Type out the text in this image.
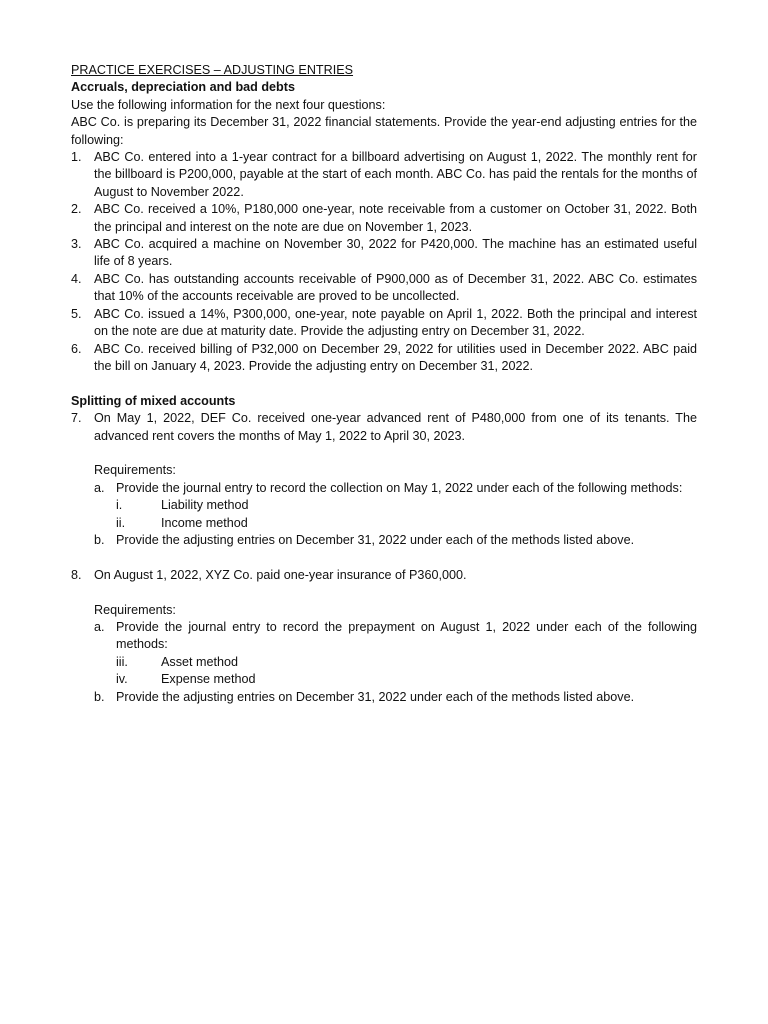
PRACTICE EXERCISES – ADJUSTING ENTRIES

Accruals, depreciation and bad debts

Use the following information for the next four questions:

ABC Co. is preparing its December 31, 2022 financial statements. Provide the year-end adjusting entries for the following:

1. ABC Co. entered into a 1-year contract for a billboard advertising on August 1, 2022. The monthly rent for the billboard is P200,000, payable at the start of each month. ABC Co. has paid the rentals for the months of August to November 2022.
2. ABC Co. received a 10%, P180,000 one-year, note receivable from a customer on October 31, 2022. Both the principal and interest on the note are due on November 1, 2023.
3. ABC Co. acquired a machine on November 30, 2022 for P420,000. The machine has an estimated useful life of 8 years.
4. ABC Co. has outstanding accounts receivable of P900,000 as of December 31, 2022. ABC Co. estimates that 10% of the accounts receivable are proved to be uncollected.
5. ABC Co. issued a 14%, P300,000, one-year, note payable on April 1, 2022. Both the principal and interest on the note are due at maturity date. Provide the adjusting entry on December 31, 2022.
6. ABC Co. received billing of P32,000 on December 29, 2022 for utilities used in December 2022. ABC paid the bill on January 4, 2023. Provide the adjusting entry on December 31, 2022.

Splitting of mixed accounts

7. On May 1, 2022, DEF Co. received one-year advanced rent of P480,000 from one of its tenants. The advanced rent covers the months of May 1, 2022 to April 30, 2023.

Requirements:

a. Provide the journal entry to record the collection on May 1, 2022 under each of the following methods:
i.	Liability method
ii.	Income method
b. Provide the adjusting entries on December 31, 2022 under each of the methods listed above.
8. On August 1, 2022, XYZ Co. paid one-year insurance of P360,000.

Requirements:

a. Provide the journal entry to record the prepayment on August 1, 2022 under each of the following methods:
iii.	Asset method
iv.	Expense method
b. Provide the adjusting entries on December 31, 2022 under each of the methods listed above.
